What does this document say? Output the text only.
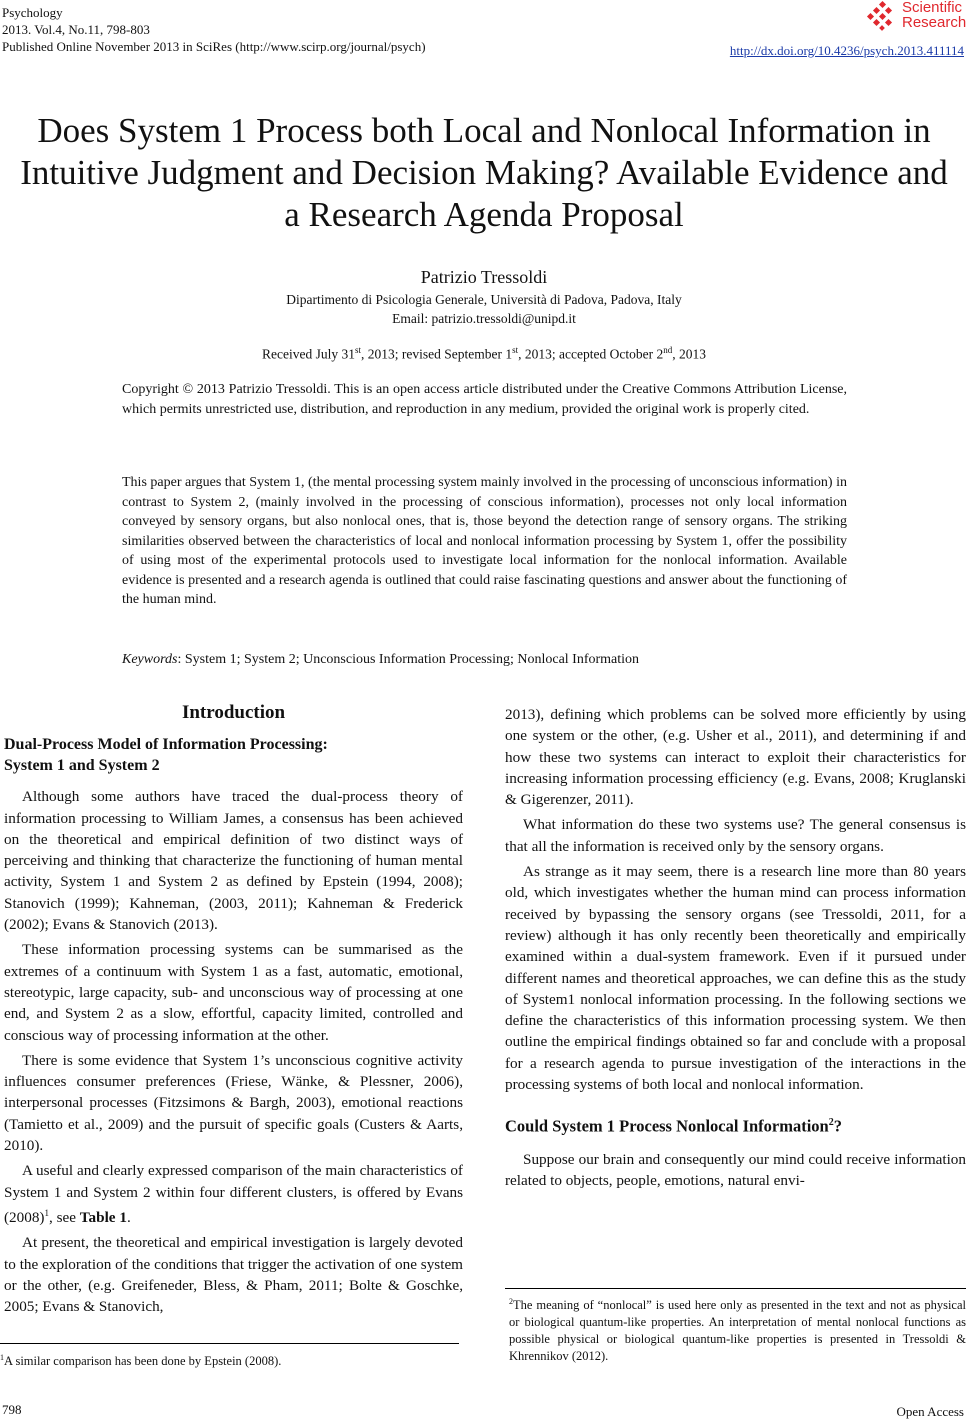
Psychology
2013. Vol.4, No.11, 798-803
Published Online November 2013 in SciRes (http://www.scirp.org/journal/psych)	http://dx.doi.org/10.4236/psych.2013.411114
Scientific
Research
Does System 1 Process both Local and Nonlocal Information in
Intuitive Judgment and Decision Making? Available Evidence and
a Research Agenda Proposal
Patrizio Tressoldi
Dipartimento di Psicologia Generale, Università di Padova, Padova, Italy
Email: patrizio.tressoldi@unipd.it
Received July 31st, 2013; revised September 1st, 2013; accepted October 2nd, 2013
Copyright © 2013 Patrizio Tressoldi. This is an open access article distributed under the Creative Commons Attribution License, which permits unrestricted use, distribution, and reproduction in any medium, provided the original work is properly cited.
This paper argues that System 1, (the mental processing system mainly involved in the processing of unconscious information) in contrast to System 2, (mainly involved in the processing of conscious information), processes not only local information conveyed by sensory organs, but also nonlocal ones, that is, those beyond the detection range of sensory organs. The striking similarities observed between the characteristics of local and nonlocal information processing by System 1, offer the possibility of using most of the experimental protocols used to investigate local information for the nonlocal information. Available evidence is presented and a research agenda is outlined that could raise fascinating questions and answer about the functioning of the human mind.
Keywords: System 1; System 2; Unconscious Information Processing; Nonlocal Information
Introduction
Dual-Process Model of Information Processing:
System 1 and System 2

Although some authors have traced the dual-process theory of information processing to William James, a consensus has been achieved on the theoretical and empirical definition of two distinct ways of perceiving and thinking that characterize the functioning of human mental activity, System 1 and System 2 as defined by Epstein (1994, 2008); Stanovich (1999); Kahneman, (2003, 2011); Kahneman & Frederick (2002); Evans & Stanovich (2013).

These information processing systems can be summarised as the extremes of a continuum with System 1 as a fast, automatic, emotional, stereotypic, large capacity, sub- and unconscious way of processing at one end, and System 2 as a slow, effortful, capacity limited, controlled and conscious way of processing information at the other.

There is some evidence that System 1’s unconscious cognitive activity influences consumer preferences (Friese, Wänke, & Plessner, 2006), interpersonal processes (Fitzsimons & Bargh, 2003), emotional reactions (Tamietto et al., 2009) and the pursuit of specific goals (Custers & Aarts, 2010).

A useful and clearly expressed comparison of the main characteristics of System 1 and System 2 within four different clusters, is offered by Evans $(2008)^1$, see Table 1.

At present, the theoretical and empirical investigation is largely devoted to the exploration of the conditions that trigger the activation of one system or the other, (e.g. Greifeneder, Bless, & Pham, 2011; Bolte & Goschke, 2005; Evans & Stanovich,

$^1$A similar comparison has been done by Epstein (2008).

2013), defining which problems can be solved more efficiently by using one system or the other, (e.g. Usher et al., 2011), and determining if and how these two systems can interact to exploit their characteristics for increasing information processing efficiency (e.g. Evans, 2008; Kruglanski & Gigerenzer, 2011).

What information do these two systems use? The general consensus is that all the information is received only by the sensory organs.

As strange as it may seem, there is a research line more than 80 years old, which investigates whether the human mind can process information received by bypassing the sensory organs (see Tressoldi, 2011, for a review) although it has only recently been theoretically and empirically examined within a dual-system framework. Even if it pursued under different names and theoretical approaches, we can define this as the study of System1 nonlocal information processing. In the following sections we define the characteristics of this information processing system. We then outline the empirical findings obtained so far and conclude with a proposal for a research agenda to pursue investigation of the interactions in the processing systems of both local and nonlocal information.

Could System 1 Process Nonlocal Information$^2$?

Suppose our brain and consequently our mind could receive information related to objects, people, emotions, natural envi-

$^2$The meaning of “nonlocal” is used here only as presented in the text and not as physical or biological quantum-like properties. An interpretation of mental nonlocal functions as possible physical or biological quantum-like properties is presented in Tressoldi & Khrennikov (2012).
798	Open Access
